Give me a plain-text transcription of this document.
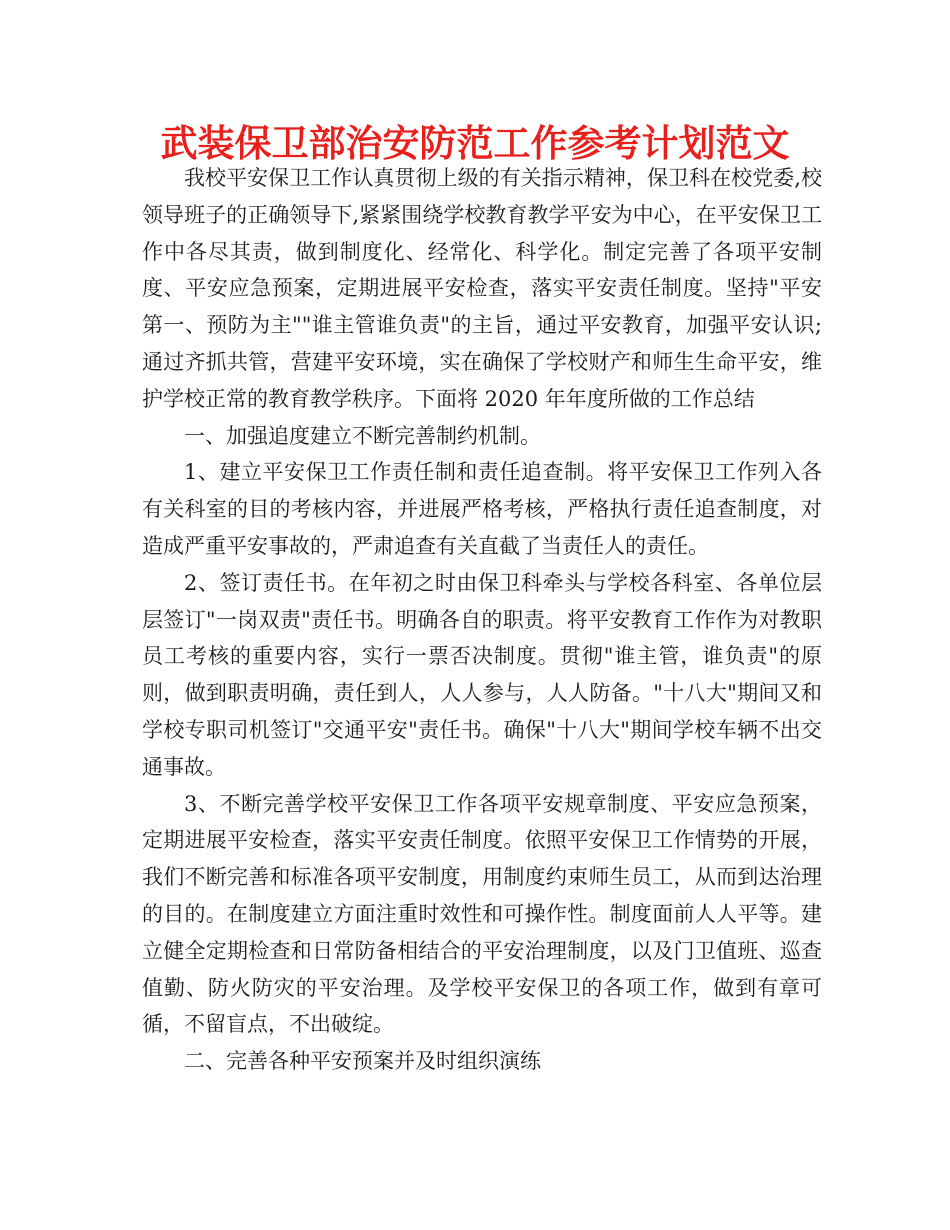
武装保卫部治安防范工作参考计划范文

我校平安保卫工作认真贯彻上级的有关指示精神，保卫科在校党委,校领导班子的正确领导下,紧紧围绕学校教育教学平安为中心，在平安保卫工作中各尽其责，做到制度化、经常化、科学化。制定完善了各项平安制度、平安应急预案，定期进展平安检查，落实平安责任制度。坚持"平安第一、预防为主""谁主管谁负责"的主旨，通过平安教育，加强平安认识;通过齐抓共管，营建平安环境，实在确保了学校财产和师生生命平安，维护学校正常的教育教学秩序。下面将 2020 年年度所做的工作总结

一、加强追度建立不断完善制约机制。

1、建立平安保卫工作责任制和责任追查制。将平安保卫工作列入各有关科室的目的考核内容，并进展严格考核，严格执行责任追查制度，对造成严重平安事故的，严肃追查有关直截了当责任人的责任。

2、签订责任书。在年初之时由保卫科牵头与学校各科室、各单位层层签订"一岗双责"责任书。明确各自的职责。将平安教育工作作为对教职员工考核的重要内容，实行一票否决制度。贯彻"谁主管，谁负责"的原则，做到职责明确，责任到人，人人参与，人人防备。"十八大"期间又和学校专职司机签订"交通平安"责任书。确保"十八大"期间学校车辆不出交通事故。

3、不断完善学校平安保卫工作各项平安规章制度、平安应急预案，定期进展平安检查，落实平安责任制度。依照平安保卫工作情势的开展，我们不断完善和标准各项平安制度，用制度约束师生员工，从而到达治理的目的。在制度建立方面注重时效性和可操作性。制度面前人人平等。建立健全定期检查和日常防备相结合的平安治理制度，以及门卫值班、巡查值勤、防火防灾的平安治理。及学校平安保卫的各项工作，做到有章可循，不留盲点，不出破绽。

二、完善各种平安预案并及时组织演练
